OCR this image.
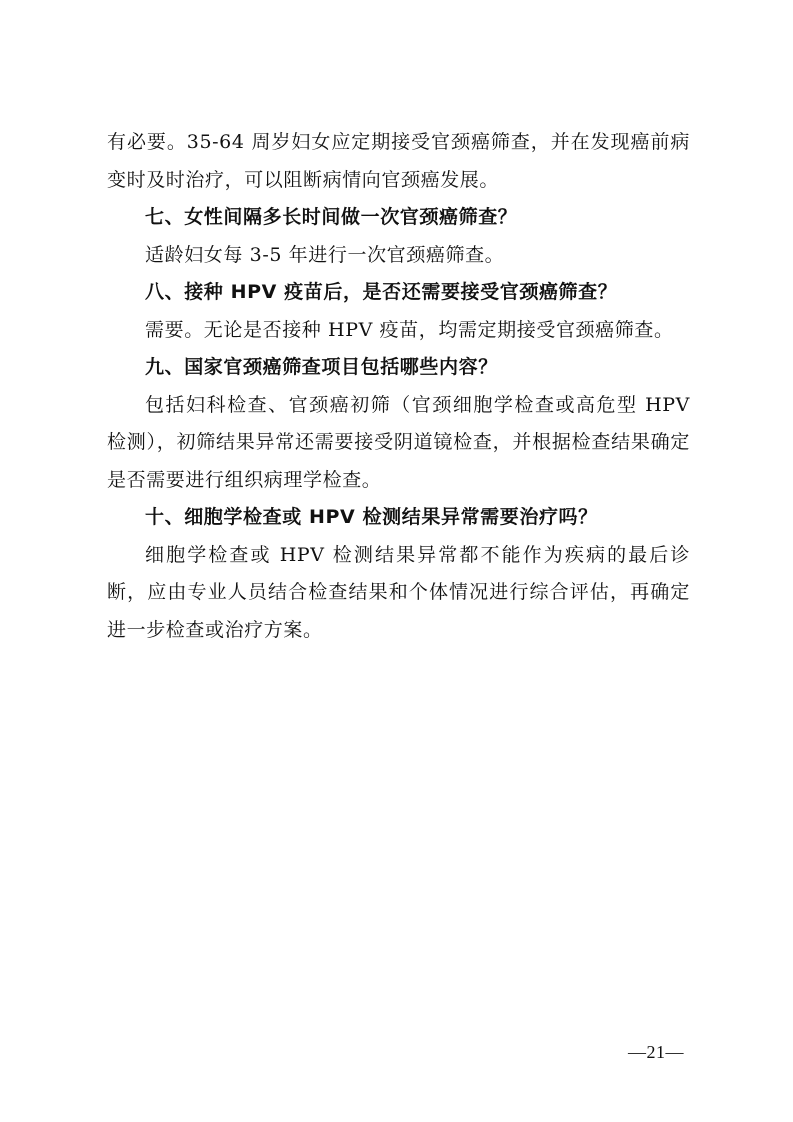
有必要。35-64 周岁妇女应定期接受官颈癌筛查，并在发现癌前病变时及时治疗，可以阻断病情向官颈癌发展。

七、女性间隔多长时间做一次官颈癌筛查？

适龄妇女每 3-5 年进行一次官颈癌筛查。

八、接种 HPV 疫苗后，是否还需要接受官颈癌筛查？

需要。无论是否接种 HPV 疫苗，均需定期接受官颈癌筛查。

九、国家官颈癌筛查项目包括哪些内容？

包括妇科检查、官颈癌初筛（官颈细胞学检查或高危型 HPV 检测），初筛结果异常还需要接受阴道镜检查，并根据检查结果确定是否需要进行组织病理学检查。

十、细胞学检查或 HPV 检测结果异常需要治疗吗？

细胞学检查或 HPV 检测结果异常都不能作为疾病的最后诊断，应由专业人员结合检查结果和个体情况进行综合评估，再确定进一步检查或治疗方案。

—21—
